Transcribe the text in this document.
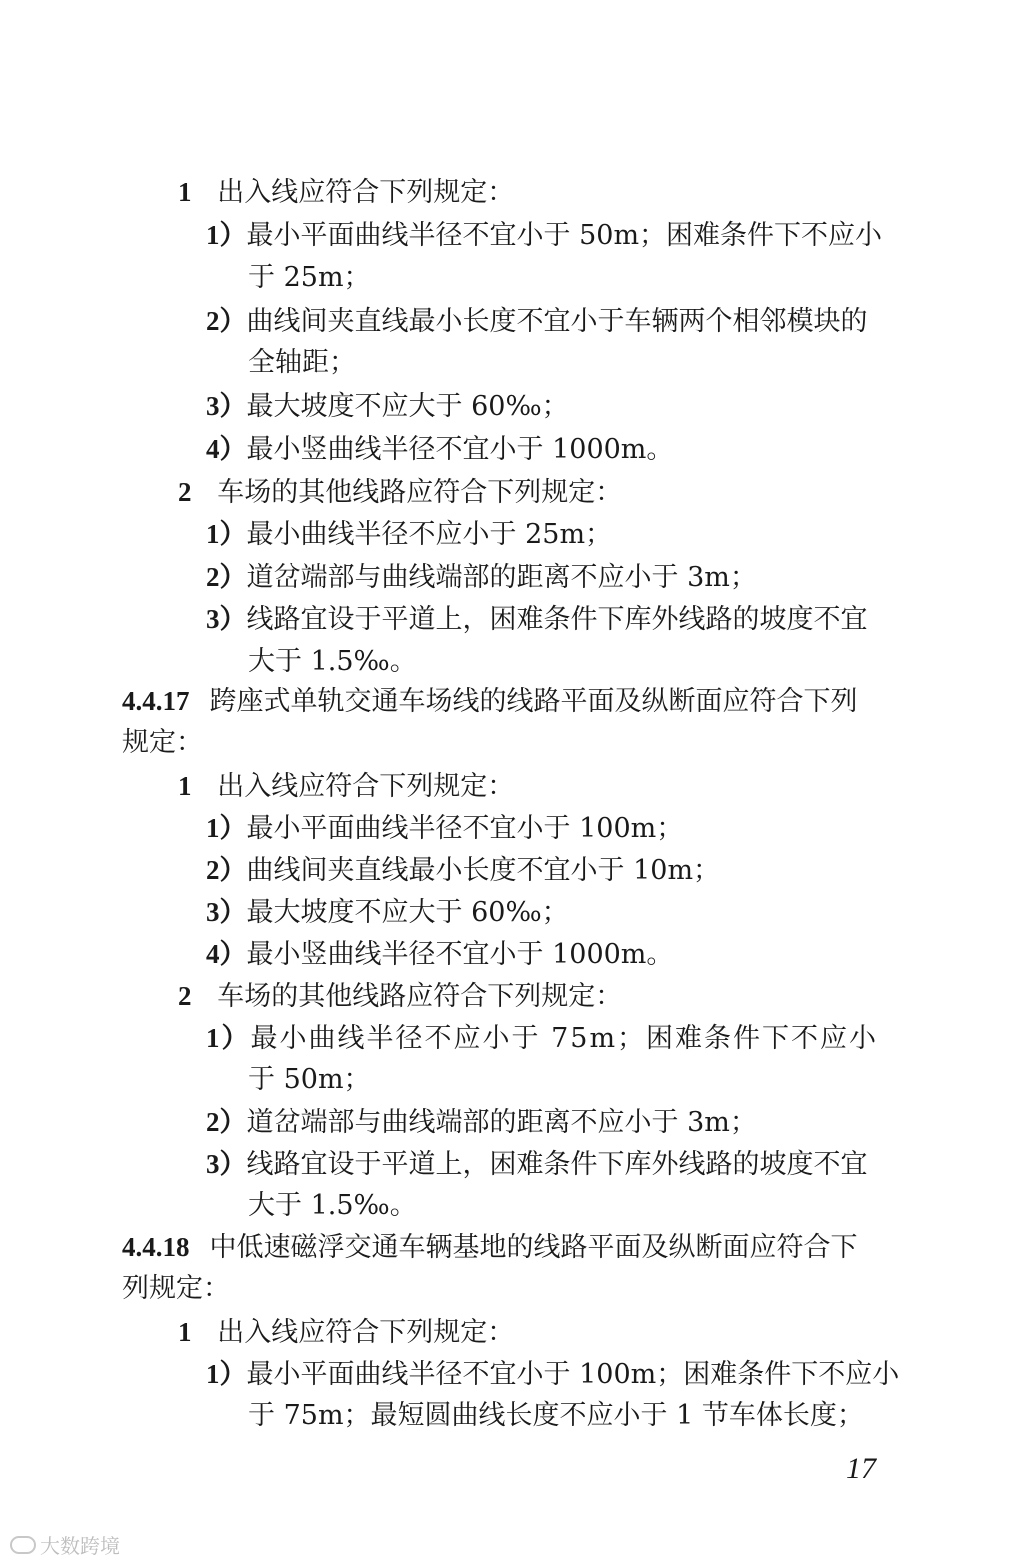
1 出入线应符合下列规定：
1）最小平面曲线半径不宜小于 50m；困难条件下不应小
于 25m；
2）曲线间夹直线最小长度不宜小于车辆两个相邻模块的
全轴距；
3）最大坡度不应大于 60‰；
4）最小竖曲线半径不宜小于 1000m。
2 车场的其他线路应符合下列规定：
1）最小曲线半径不应小于 25m；
2）道岔端部与曲线端部的距离不应小于 3m；
3）线路宜设于平道上，困难条件下库外线路的坡度不宜
大于 1.5‰。
4.4.17 跨座式单轨交通车场线的线路平面及纵断面应符合下列
规定：
1 出入线应符合下列规定：
1）最小平面曲线半径不宜小于 100m；
2）曲线间夹直线最小长度不宜小于 10m；
3）最大坡度不应大于 60‰；
4）最小竖曲线半径不宜小于 1000m。
2 车场的其他线路应符合下列规定：
1）最小曲线半径不应小于 75m；困难条件下不应小
于 50m；
2）道岔端部与曲线端部的距离不应小于 3m；
3）线路宜设于平道上，困难条件下库外线路的坡度不宜
大于 1.5‰。
4.4.18 中低速磁浮交通车辆基地的线路平面及纵断面应符合下
列规定：
1 出入线应符合下列规定：
1）最小平面曲线半径不宜小于 100m；困难条件下不应小
于 75m；最短圆曲线长度不应小于 1 节车体长度；
17
大数跨境
